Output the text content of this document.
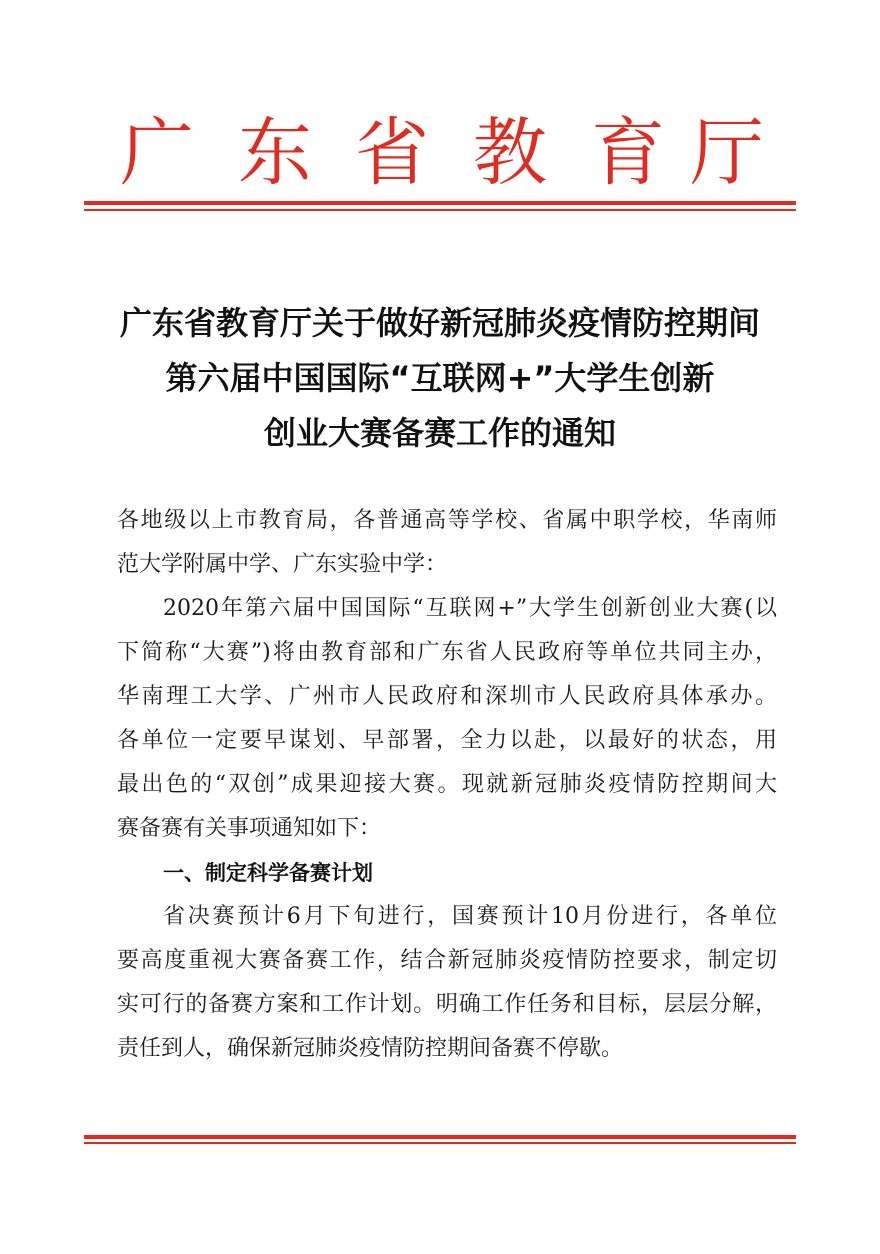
广 东 省 教 育 厅
广东省教育厅关于做好新冠肺炎疫情防控期间
第六届中国国际“互联网+”大学生创新
创业大赛备赛工作的通知
各地级以上市教育局，各普通高等学校、省属中职学校，华南师
范大学附属中学、广东实验中学：
2020年第六届中国国际“互联网+”大学生创新创业大赛(以
下简称“大赛”)将由教育部和广东省人民政府等单位共同主办，
华南理工大学、广州市人民政府和深圳市人民政府具体承办。
各单位一定要早谋划、早部署，全力以赴，以最好的状态，用
最出色的“双创”成果迎接大赛。现就新冠肺炎疫情防控期间大
赛备赛有关事项通知如下：
一、制定科学备赛计划
省决赛预计6月下旬进行，国赛预计10月份进行，各单位
要高度重视大赛备赛工作，结合新冠肺炎疫情防控要求，制定切
实可行的备赛方案和工作计划。明确工作任务和目标，层层分解，
责任到人，确保新冠肺炎疫情防控期间备赛不停歇。
